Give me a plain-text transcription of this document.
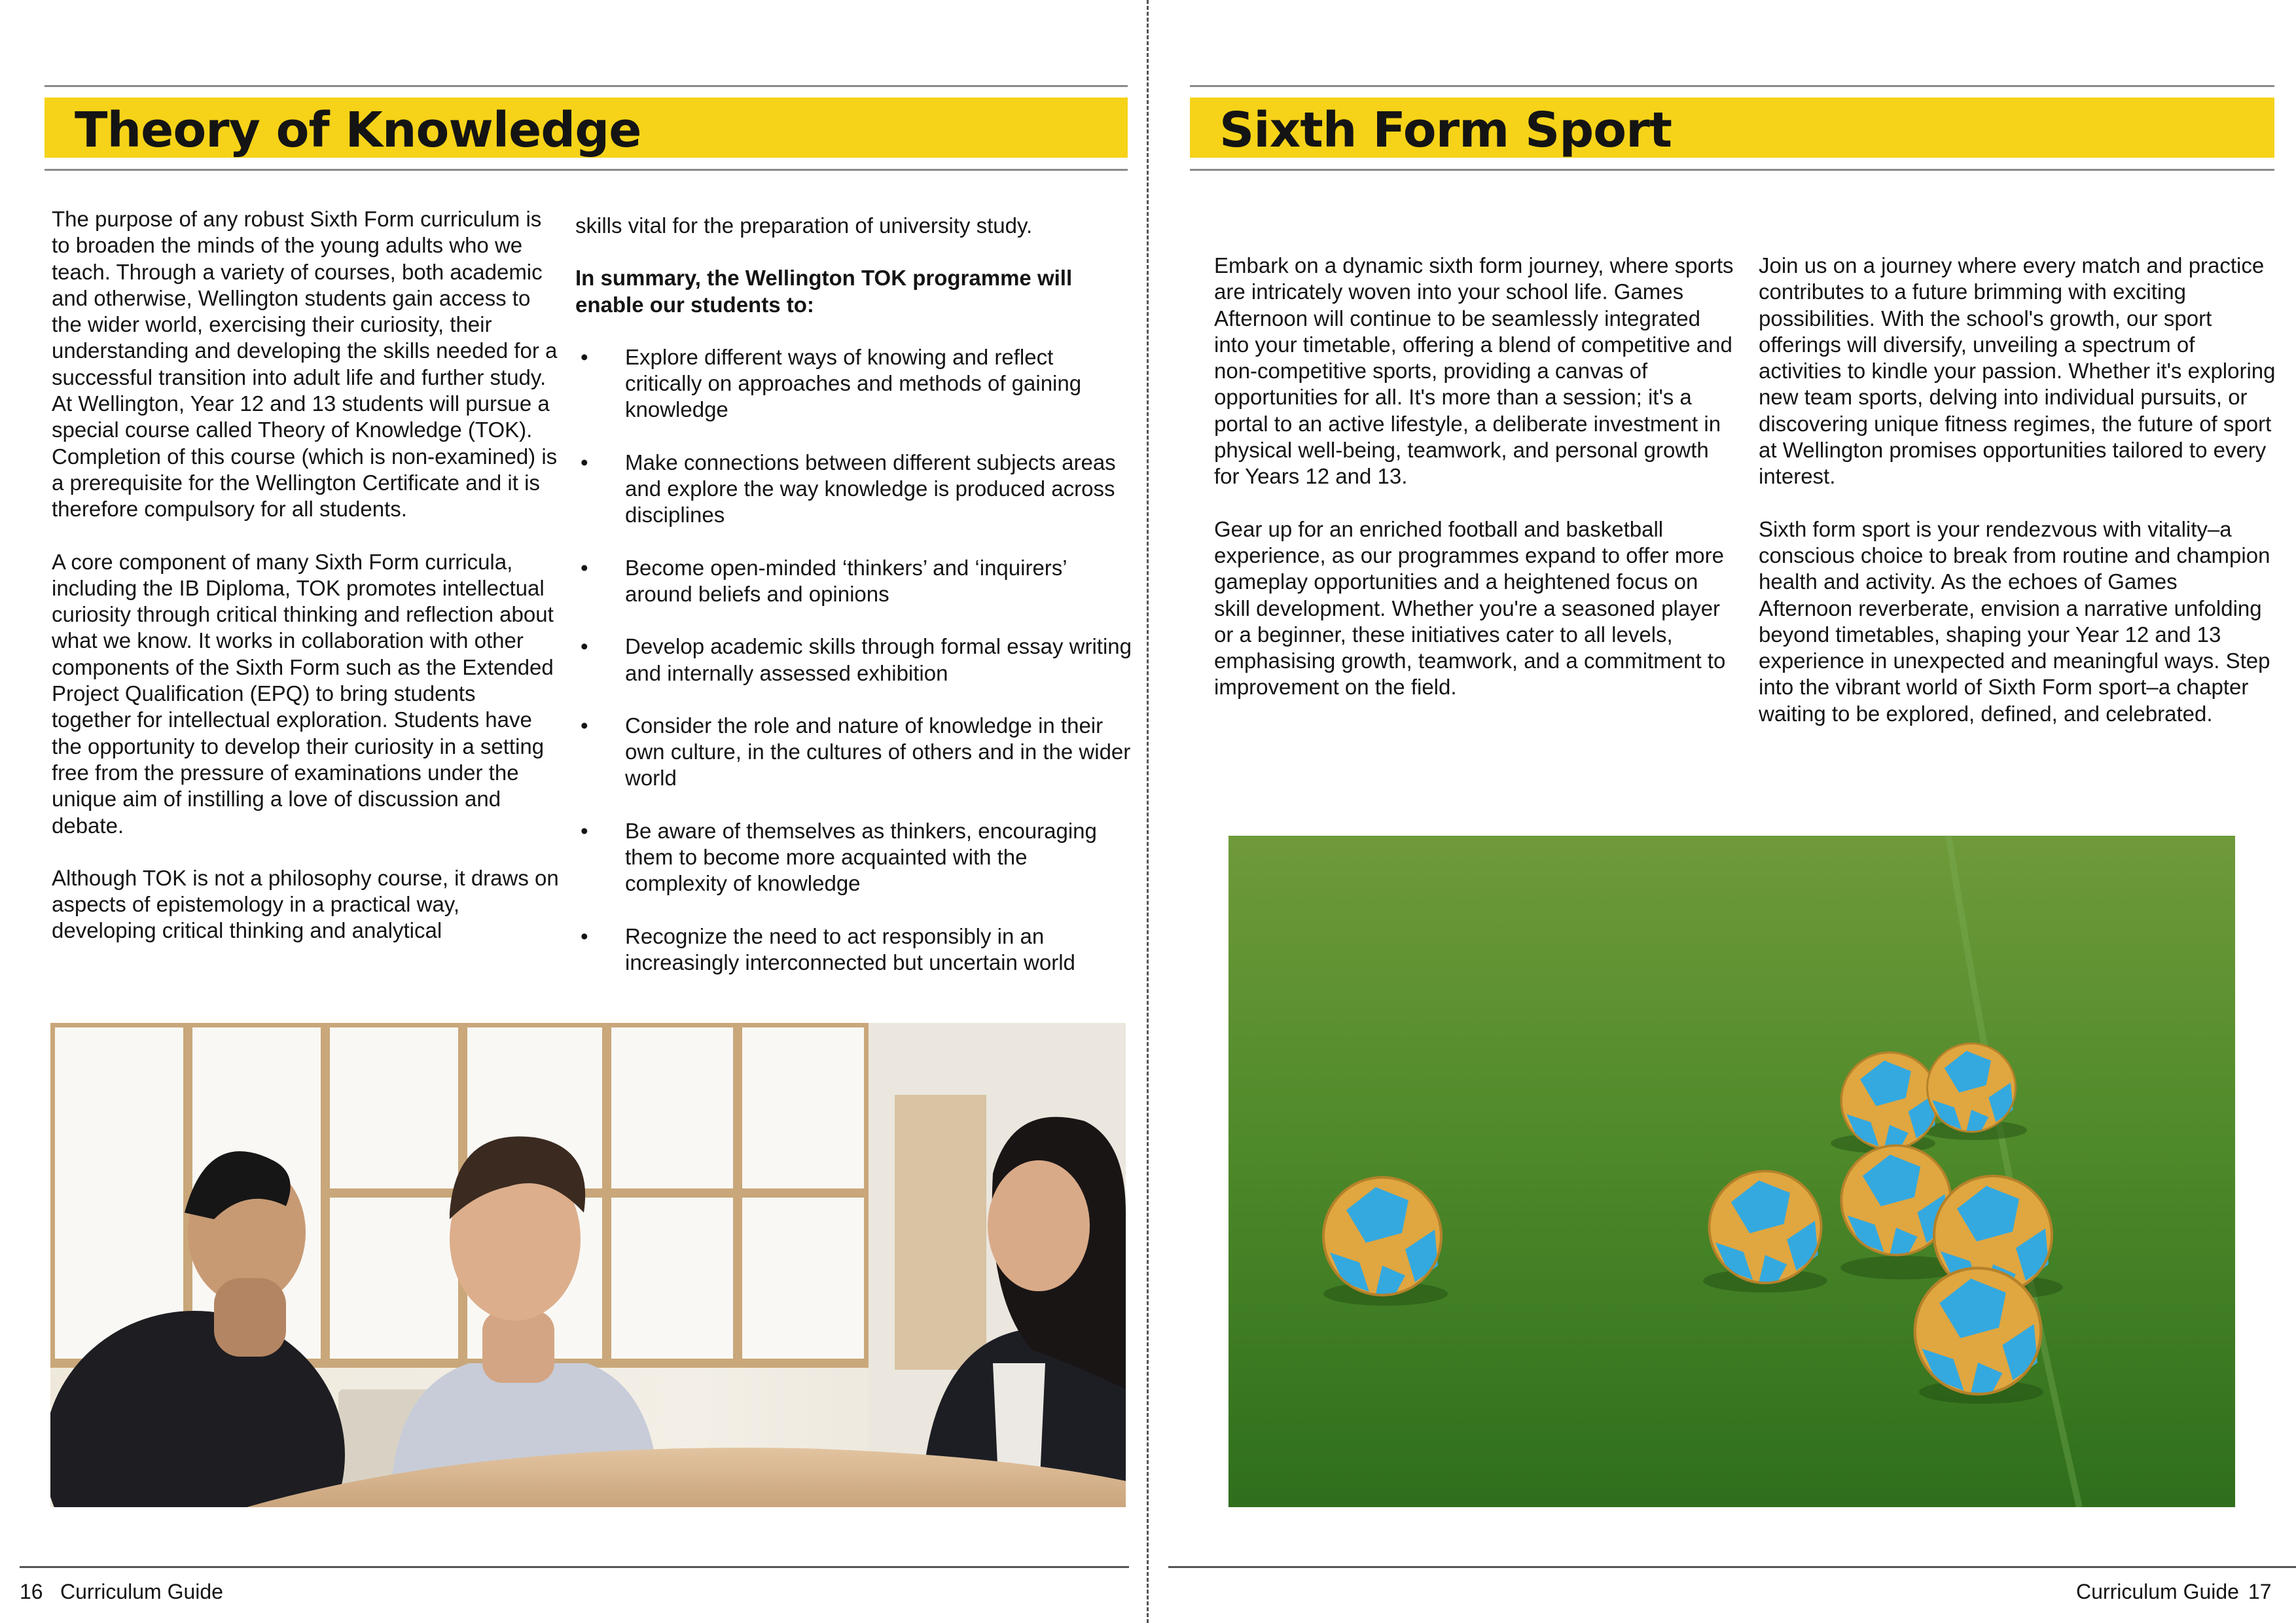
Theory of Knowledge

The purpose of any robust Sixth Form curriculum is to broaden the minds of the young adults who we teach. Through a variety of courses, both academic and otherwise, Wellington students gain access to the wider world, exercising their curiosity, their understanding and developing the skills needed for a successful transition into adult life and further study. At Wellington, Year 12 and 13 students will pursue a special course called Theory of Knowledge (TOK). Completion of this course (which is non-examined) is a prerequisite for the Wellington Certificate and it is therefore compulsory for all students.

A core component of many Sixth Form curricula, including the IB Diploma, TOK promotes intellectual curiosity through critical thinking and reflection about what we know. It works in collaboration with other components of the Sixth Form such as the Extended Project Qualification (EPQ) to bring students together for intellectual exploration. Students have the opportunity to develop their curiosity in a setting free from the pressure of examinations under the unique aim of instilling a love of discussion and debate.

Although TOK is not a philosophy course, it draws on aspects of epistemology in a practical way, developing critical thinking and analytical

skills vital for the preparation of university study.

In summary, the Wellington TOK programme will enable our students to:

• Explore different ways of knowing and reflect critically on approaches and methods of gaining knowledge
• Make connections between different subjects areas and explore the way knowledge is produced across disciplines
• Become open-minded ‘thinkers’ and ‘inquirers’ around beliefs and opinions
• Develop academic skills through formal essay writing and internally assessed exhibition
• Consider the role and nature of knowledge in their own culture, in the cultures of others and in the wider world
• Be aware of themselves as thinkers, encouraging them to become more acquainted with the complexity of knowledge
• Recognize the need to act responsibly in an increasingly interconnected but uncertain world
16 Curriculum Guide
Sixth Form Sport

Embark on a dynamic sixth form journey, where sports are intricately woven into your school life. Games Afternoon will continue to be seamlessly integrated into your timetable, offering a blend of competitive and non-competitive sports, providing a canvas of opportunities for all. It's more than a session; it's a portal to an active lifestyle, a deliberate investment in physical well-being, teamwork, and personal growth for Years 12 and 13.

Gear up for an enriched football and basketball experience, as our programmes expand to offer more gameplay opportunities and a heightened focus on skill development. Whether you're a seasoned player or a beginner, these initiatives cater to all levels, emphasising growth, teamwork, and a commitment to improvement on the field.

Join us on a journey where every match and practice contributes to a future brimming with exciting possibilities. With the school's growth, our sport offerings will diversify, unveiling a spectrum of activities to kindle your passion. Whether it's exploring new team sports, delving into individual pursuits, or discovering unique fitness regimes, the future of sport at Wellington promises opportunities tailored to every interest.

Sixth form sport is your rendezvous with vitality–a conscious choice to break from routine and champion health and activity. As the echoes of Games Afternoon reverberate, envision a narrative unfolding beyond timetables, shaping your Year 12 and 13 experience in unexpected and meaningful ways. Step into the vibrant world of Sixth Form sport–a chapter waiting to be explored, defined, and celebrated.

Curriculum Guide 17
